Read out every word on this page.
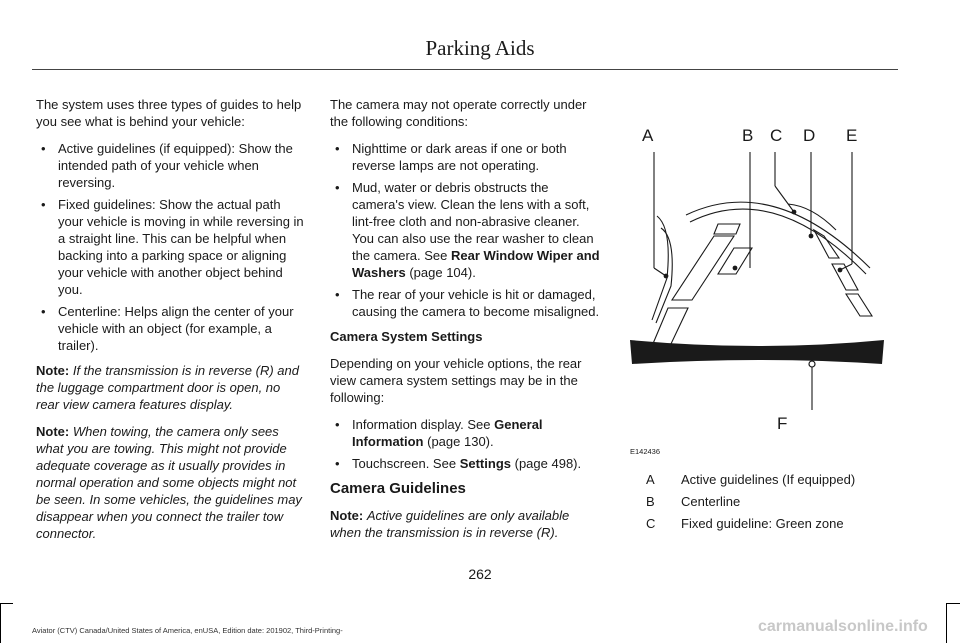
Parking Aids

The system uses three types of guides to help you see what is behind your vehicle:

• Active guidelines (if equipped): Show the intended path of your vehicle when reversing.
• Fixed guidelines: Show the actual path your vehicle is moving in while reversing in a straight line. This can be helpful when backing into a parking space or aligning your vehicle with another object behind you.
• Centerline: Helps align the center of your vehicle with an object (for example, a trailer).

Note: If the transmission is in reverse (R) and the luggage compartment door is open, no rear view camera features display.

Note: When towing, the camera only sees what you are towing. This might not provide adequate coverage as it usually provides in normal operation and some objects might not be seen. In some vehicles, the guidelines may disappear when you connect the trailer tow connector.

The camera may not operate correctly under the following conditions:

• Nighttime or dark areas if one or both reverse lamps are not operating.
• Mud, water or debris obstructs the camera's view. Clean the lens with a soft, lint-free cloth and non-abrasive cleaner. You can also use the rear washer to clean the camera. See Rear Window Wiper and Washers (page 104).
• The rear of your vehicle is hit or damaged, causing the camera to become misaligned.

Camera System Settings

Depending on your vehicle options, the rear view camera system settings may be in the following:

• Information display. See General Information (page 130).
• Touchscreen. See Settings (page 498).

Camera Guidelines

Note: Active guidelines are only available when the transmission is in reverse (R).

A	B C D E
F
E142436
A Active guidelines (If equipped)
B Centerline
C Fixed guideline: Green zone
262
Aviator (CTV) Canada/United States of America, enUSA, Edition date: 201902, Third-Printing-	carmanualsonline.info
